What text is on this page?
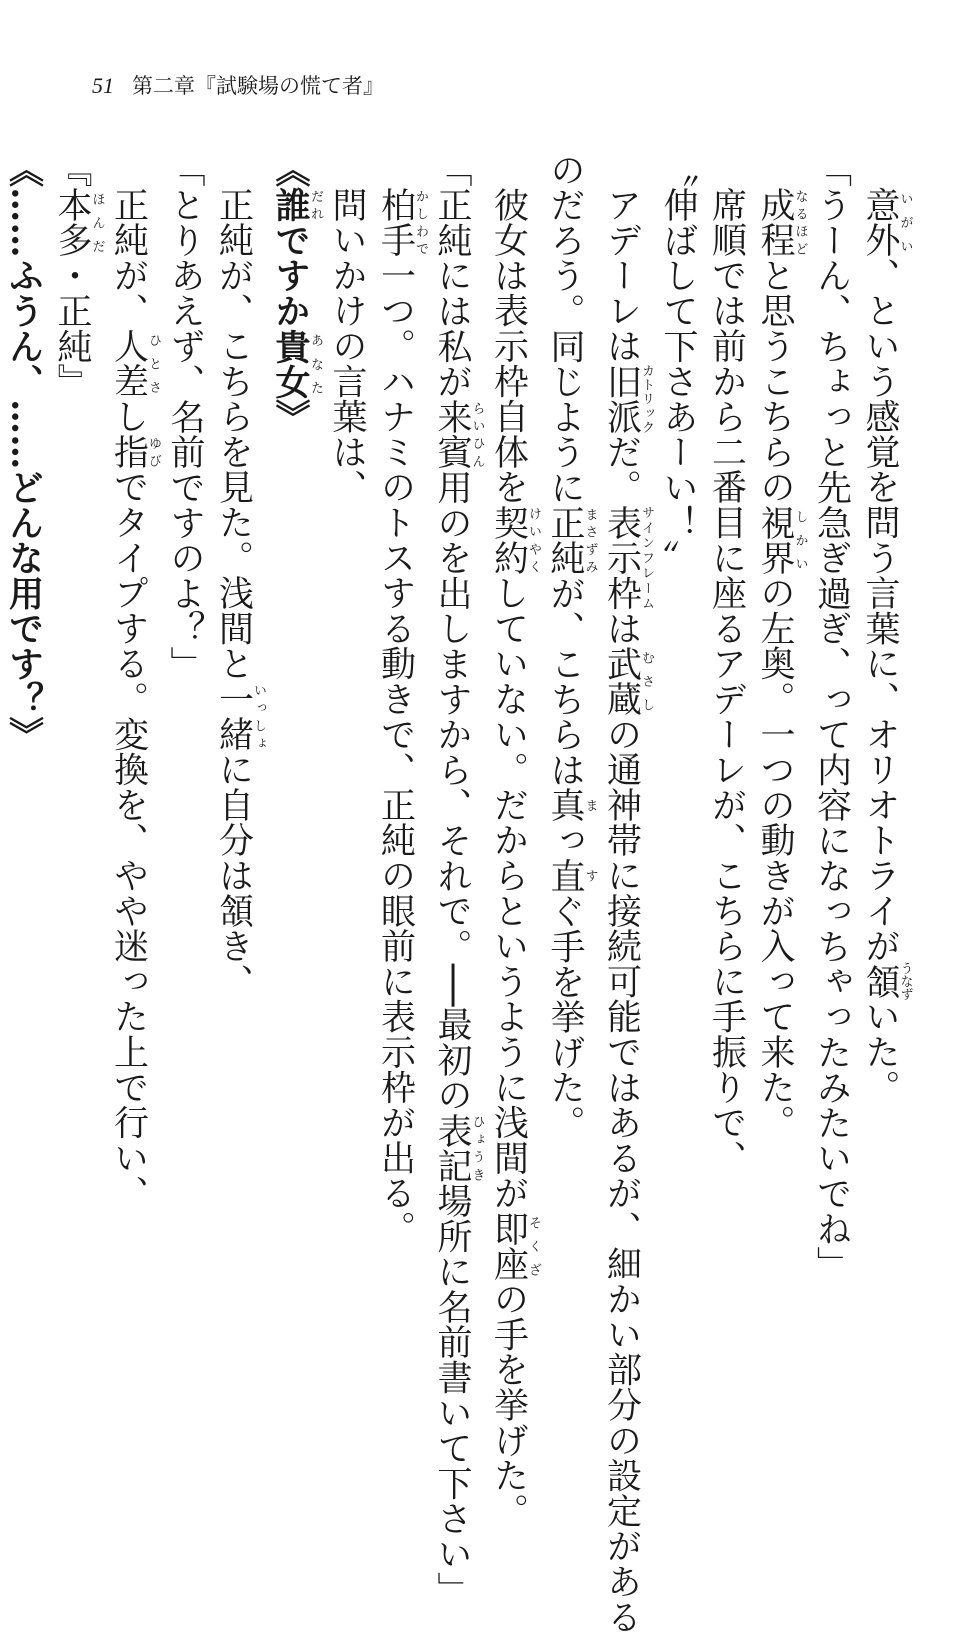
51 第二章『試験場の慌て者』
意外いがい、という感覚を問う言葉に、オリオトライが頷うなずいた。
「うーん、ちょっと先急ぎ過ぎ、って内容になっちゃったみたいでね」
成程なるほどと思うこちらの視界しかいの左奥。一つの動きが入って来た。
席順では前から二番目に座るアデーレが、こちらに手振りで、
〝伸ばして下さあーい！〟
アデーレは旧派カトリックだ。表示枠サインフレームは武蔵むさしの通神帯に接続可能ではあるが、細かい部分の設定がある
のだろう。同じように正純まさずみが、こちらは真まっ直すぐ手を挙げた。
彼女は表示枠自体を契約けいやくしていない。だからというように浅間が即座そくざの手を挙げた。
「正純には私が来賓らいひん用のを出しますから、それで。──最初の表記ひょうき場所に名前書いて下さい」
柏手かしわで一つ。ハナミのトスする動きで、正純の眼前に表示枠が出る。
問いかけの言葉は、
《誰だれですか貴女あなた》
正純が、こちらを見た。浅間と一緒いっしょに自分は頷き、
「とりあえず、名前ですのよ？」
正純が、人差ひとさし指ゆびでタイプする。変換を、やや迷った上で行い、
『本多ほんだ・正純』
《……ふうん、……どんな用です？》
